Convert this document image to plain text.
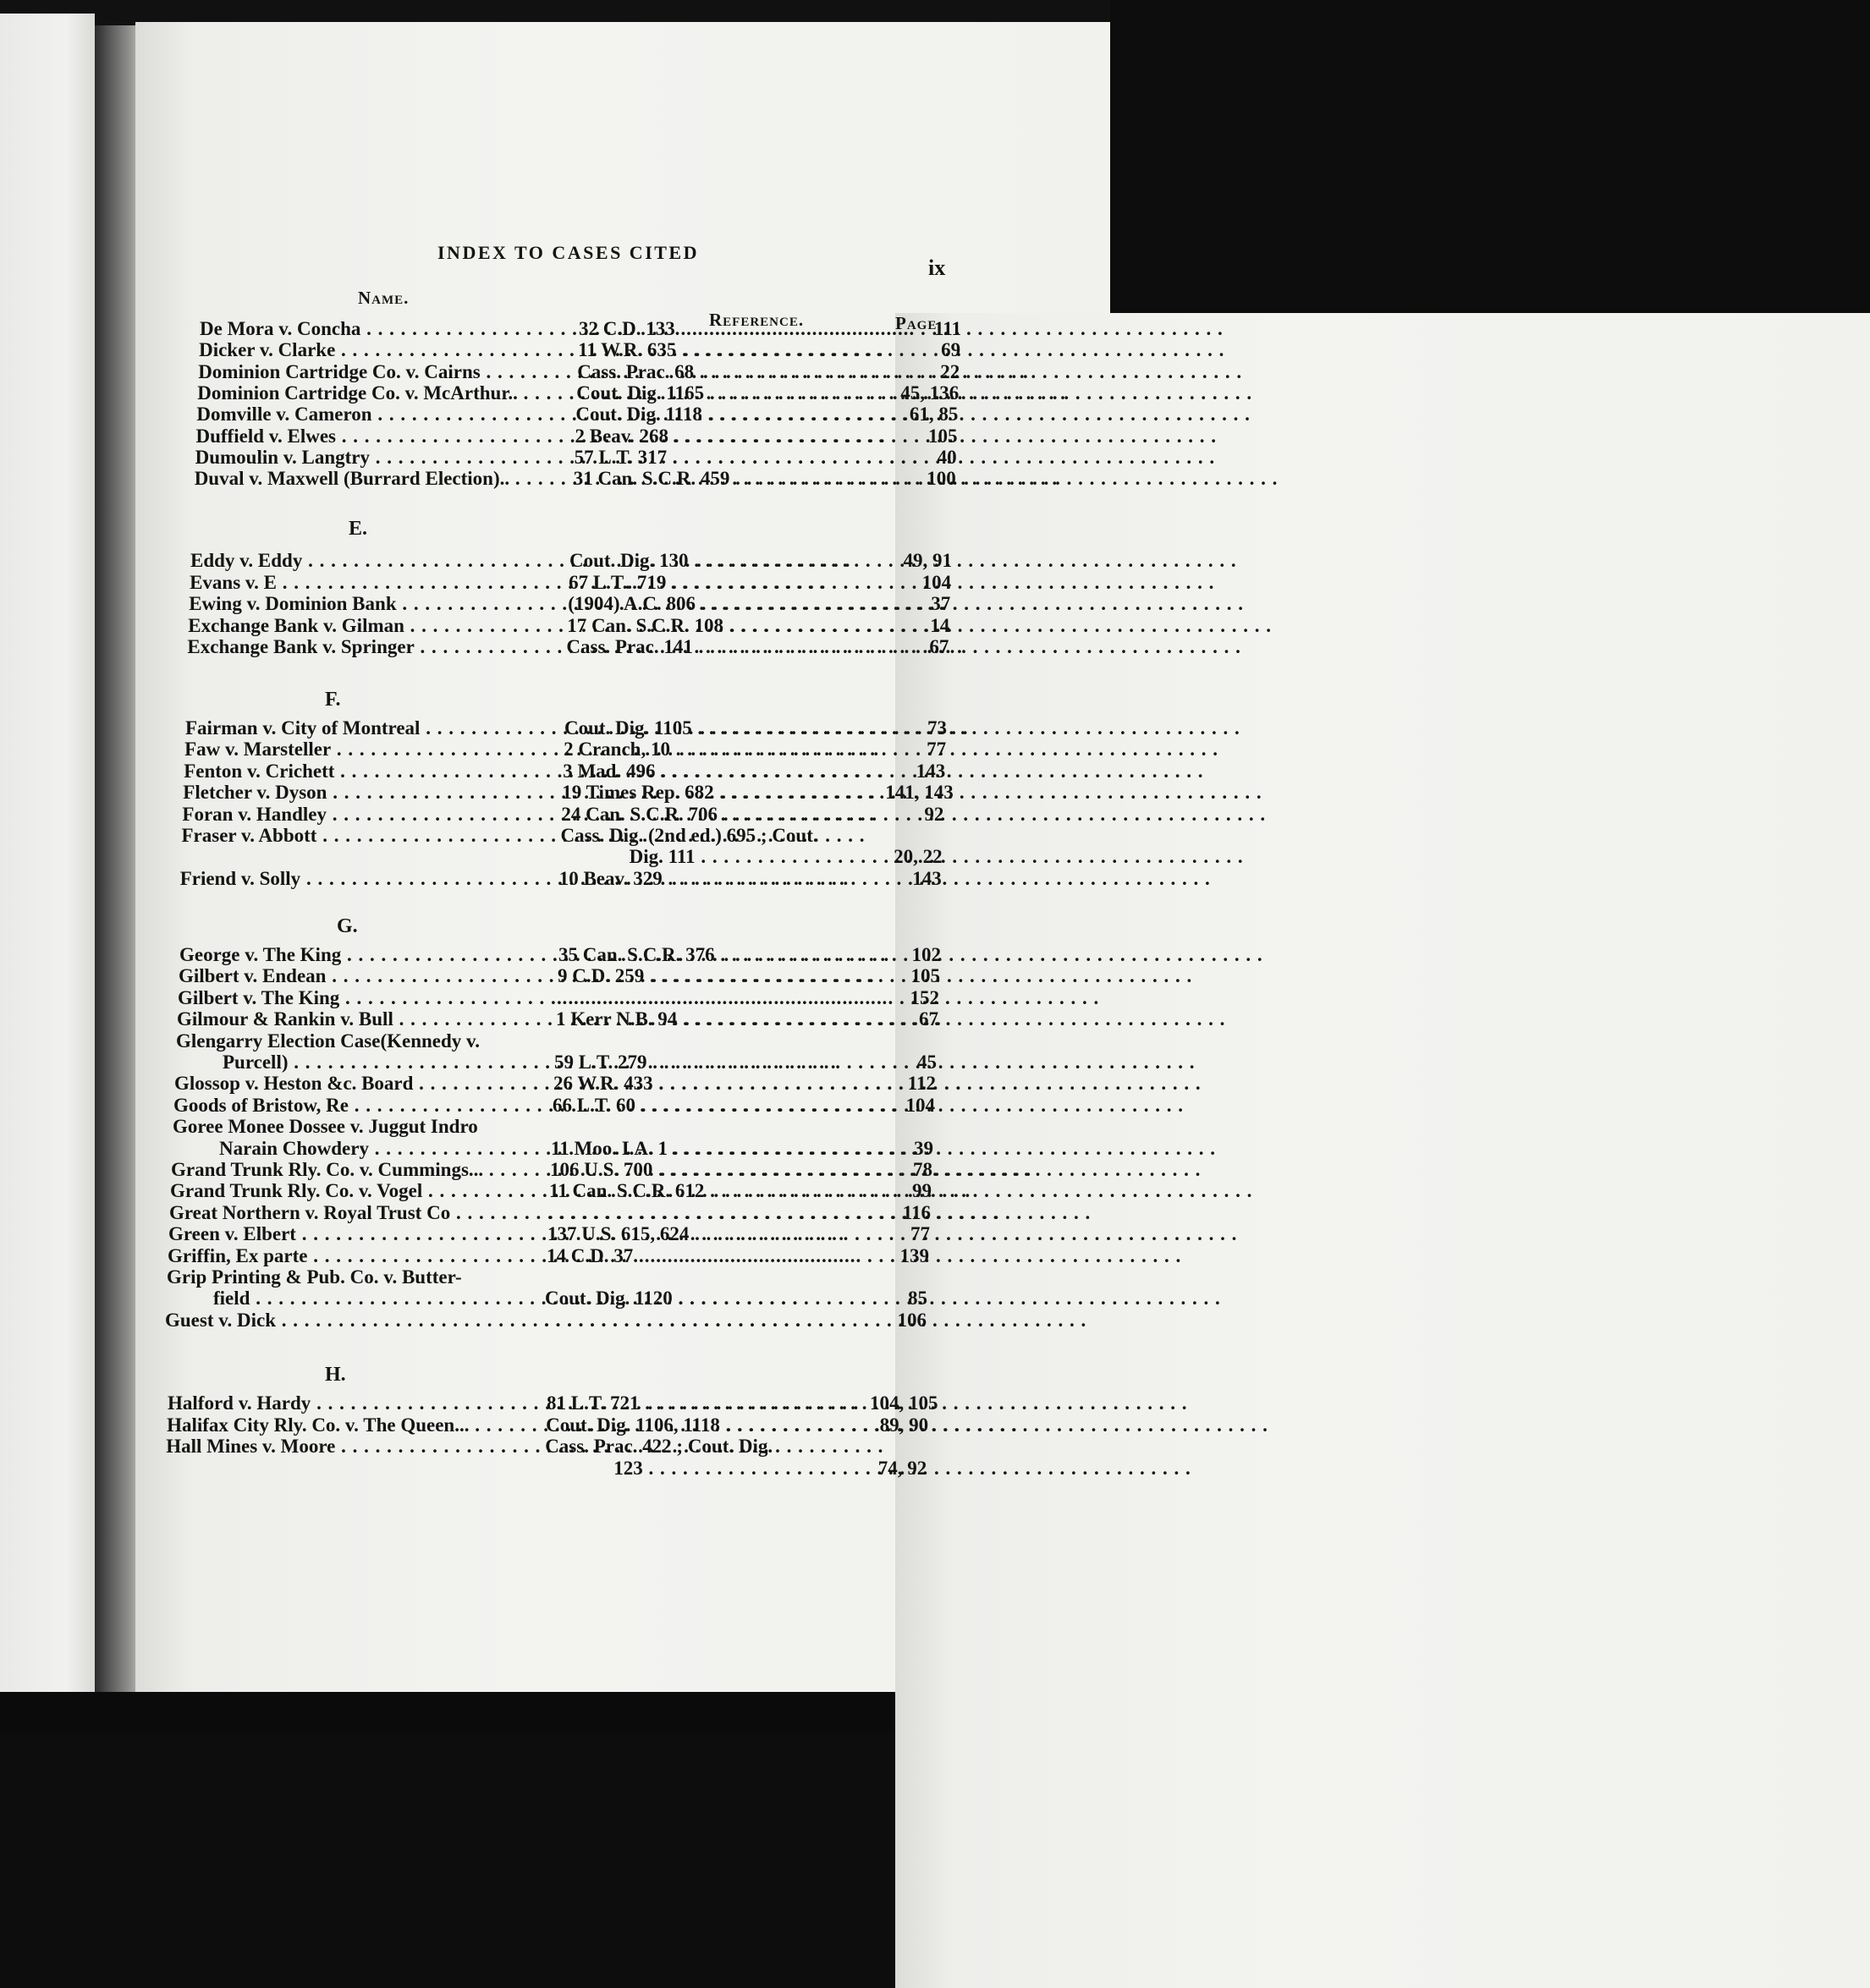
INDEX TO CASES CITED
ix
Name.
Reference.	Page.
E.
F.
G.
H.
De Mora v. Concha . . .	32 C.D. 133 . . .	111
Dicker v. Clarke . . .	11 W.R. 635 . . .	69
Dominion Cartridge Co. v. Cairns . . .	Cass. Prac. 68 . . .	22
Dominion Cartridge Co. v. McArthur.. . . .	Cout. Dig. 1165 . . .	45, 136
Domville v. Cameron . . .	Cout. Dig. 1118 . . .	61, 85
Duffield v. Elwes . . .	2 Beav. 268 . . .	105
Dumoulin v. Langtry . . .	57 L.T. 317 . . .	40
Duval v. Maxwell (Burrard Election).. . . .	31 Can. S.C.R. 459 . . .	100
Eddy v. Eddy . . .	Cout. Dig. 130 . . .	49, 91
Evans v. E . . .	67 L.T...719 . . .	104
Ewing v. Dominion Bank . . .	(1904) A.C. 806 . . .	37
Exchange Bank v. Gilman . . .	17 Can. S.C.R. 108 . . .	14
Exchange Bank v. Springer . . .	Cass. Prac. 141 . . .	67
Fairman v. City of Montreal . . .	Cout. Dig. 1105 . . .	73
Faw v. Marsteller . . .	2 Cranch, 10 . . .	77
Fenton v. Crichett . . .	3 Mad. 496 . . .	143
Fletcher v. Dyson . . .	19 Times Rep. 682 . . .	141, 143
Foran v. Handley . . .	24 Can. S.C.R. 706 . . .	92
Fraser v. Abbott . . .	Cass. Dig. (2nd ed.) 695 ; Cout.
Dig. 111 . . .	20, 22
Friend v. Solly . . .	10 Beav. 329 . . .	143
George v. The King . . .	35 Can. S.C.R. 376 . . .	102
Gilbert v. Endean . . .	9 C.D. 259 . . .	105
Gilbert v. The King . . . . . .	152
Gilmour & Rankin v. Bull . . .	1 Kerr N.B. 94 . . .	67
Glengarry Election Case(Kennedy v.
Purcell) . . .	59 L.T. 279 . . .	45
Glossop v. Heston &c. Board . . .	26 W.R. 433 . . .	112
Goods of Bristow, Re . . .	66 L.T. 60 . . .	104
Goree Monee Dossee v. Juggut Indro
Narain Chowdery . . .	11 Moo. I.A. 1 . . .	39
Grand Trunk Rly. Co. v. Cummings... . . .	106 U.S. 700 . . .	78
Grand Trunk Rly. Co. v. Vogel . . .	11 Can. S.C.R. 612 . . .	99
Great Northern v. Royal Trust Co . . . . . .	116
Green v. Elbert . . .	137 U.S. 615, 624 . . .	77
Griffin, Ex parte . . .	14 C.D. 37 . . .	139
Grip Printing & Pub. Co. v. Butter-
field . . .	Cout. Dig. 1120 . . .	85
Guest v. Dick . . . . . .	106
Halford v. Hardy . . .	81 L.T. 721 . . .	104, 105
Halifax City Rly. Co. v. The Queen... . . .	Cout. Dig. 1106, 1118 . . .	89, 90
Hall Mines v. Moore . . .	Cass. Prac. 422 ; Cout. Dig.
123 . . .	74, 92
